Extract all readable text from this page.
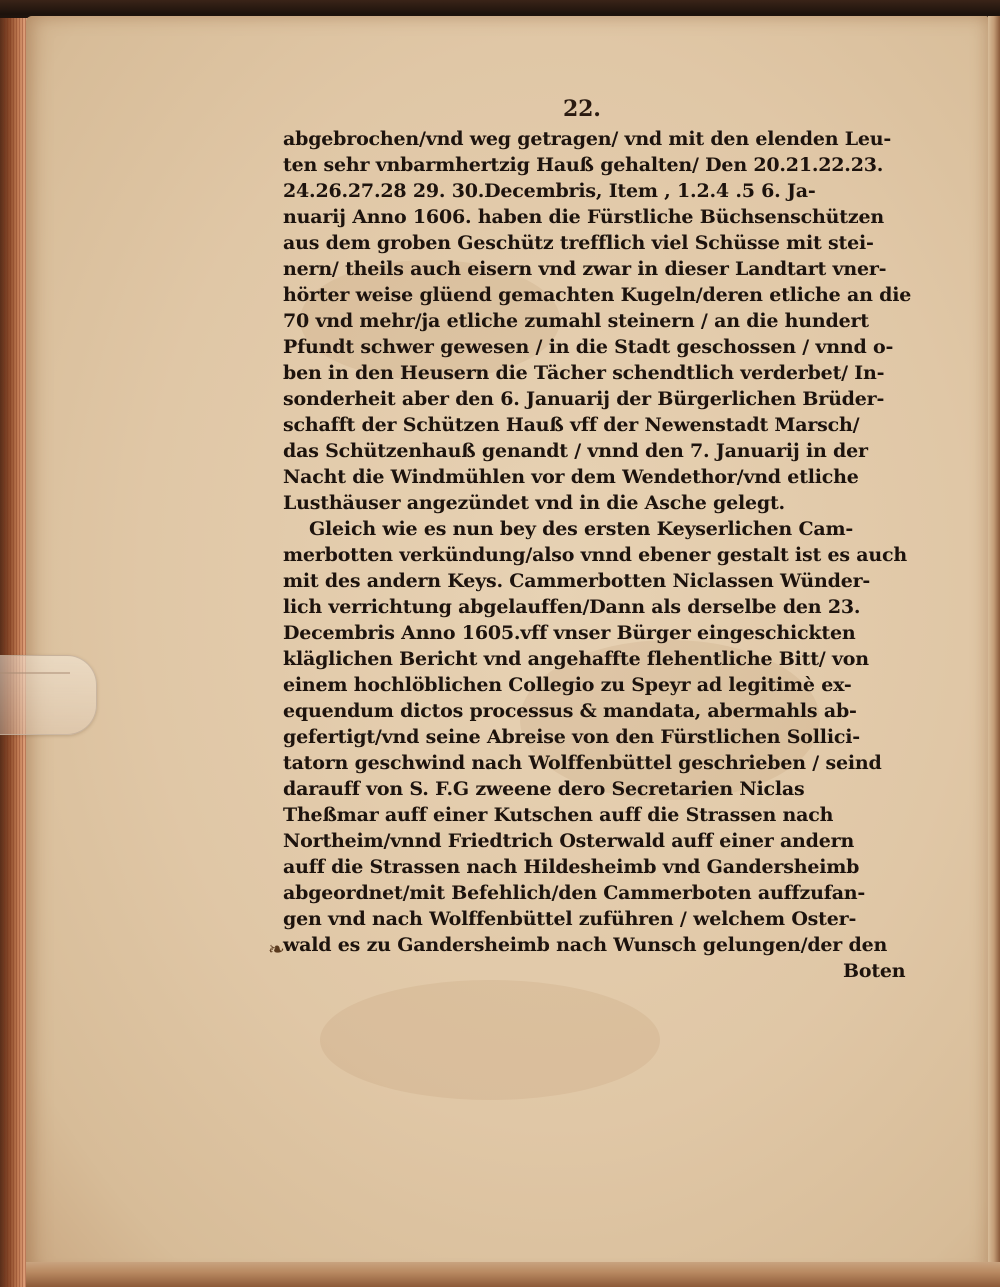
22.
abgebrochen/vnd weg getragen/ vnd mit den elenden Leu-
ten sehr vnbarmhertzig Hauß gehalten/ Den 20.21.22.23.
24.26.27.28 29. 30.Decembris, Item , 1.2.4 .5 6. Ja-
nuarij Anno 1606. haben die Fürstliche Büchsenschützen
aus dem groben Geschütz trefflich viel Schüsse mit stei-
nern/ theils auch eisern vnd zwar in dieser Landtart vner-
hörter weise glüend gemachten Kugeln/deren etliche an die
70 vnd mehr/ja etliche zumahl steinern / an die hundert
Pfundt schwer gewesen / in die Stadt geschossen / vnnd o-
ben in den Heusern die Tächer schendtlich verderbet/ In-
sonderheit aber den 6. Januarij der Bürgerlichen Brüder-
schafft der Schützen Hauß vff der Newenstadt Marsch/
das Schützenhauß genandt / vnnd den 7. Januarij in der
Nacht die Windmühlen vor dem Wendethor/vnd etliche
Lusthäuser angezündet vnd in die Asche gelegt.
Gleich wie es nun bey des ersten Keyserlichen Cam-
merbotten verkündung/also vnnd ebener gestalt ist es auch
mit des andern Keys. Cammerbotten Niclassen Wünder-
lich verrichtung abgelauffen/Dann als derselbe den 23.
Decembris Anno 1605.vff vnser Bürger eingeschickten
kläglichen Bericht vnd angehaffte flehentliche Bitt/ von
einem hochlöblichen Collegio zu Speyr ad legitimè ex-
equendum dictos processus & mandata, abermahls ab-
gefertigt/vnd seine Abreise von den Fürstlichen Sollici-
tatorn geschwind nach Wolffenbüttel geschrieben / seind
darauff von S. F.G zweene dero Secretarien Niclas
Theßmar auff einer Kutschen auff die Strassen nach
Northeim/vnnd Friedtrich Osterwald auff einer andern
auff die Strassen nach Hildesheimb vnd Gandersheimb
abgeordnet/mit Befehlich/den Cammerboten auffzufan-
gen vnd nach Wolffenbüttel zuführen / welchem Oster-
wald es zu Gandersheimb nach Wunsch gelungen/der den
Boten
❧
